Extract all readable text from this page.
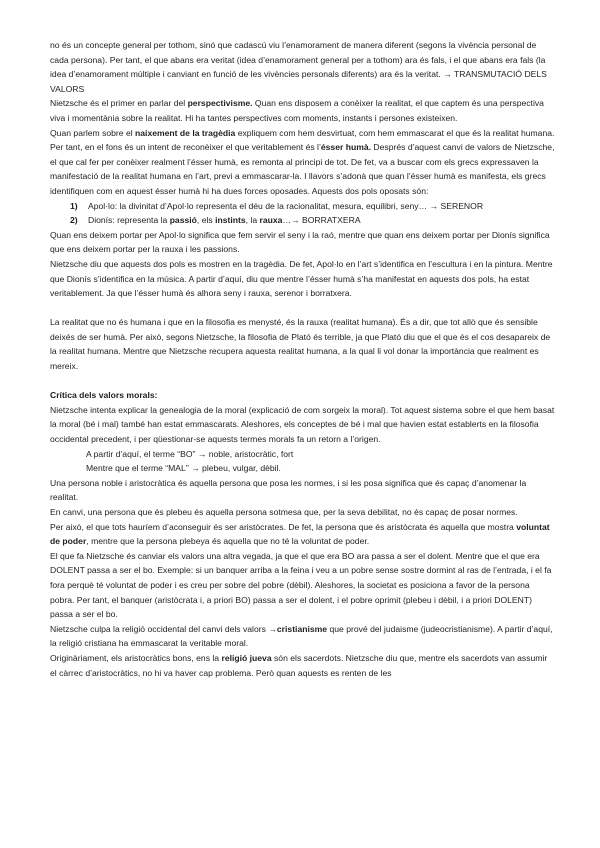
no és un concepte general per tothom, sinó que cadascú viu l’enamorament de manera diferent (segons la vivència personal de cada persona). Per tant, el que abans era veritat (idea d’enamorament general per a tothom) ara és fals, i el que abans era fals (la idea d’enamorament múltiple i canviant en funció de les vivències personals diferents) ara és la veritat. → TRANSMUTACIÓ DELS VALORS

Nietzsche és el primer en parlar del perspectivisme. Quan ens disposem a conèixer la realitat, el que captem és una perspectiva viva i momentània sobre la realitat. Hi ha tantes perspectives com moments, instants i persones existeixen.

Quan parlem sobre el naixement de la tragèdia expliquem com hem desvirtuat, com hem emmascarat el que és la realitat humana. Per tant, en el fons és un intent de reconèixer el que veritablement és l’ésser humà. Després d’aquest canvi de valors de Nietzsche, el que cal fer per conèixer realment l’ésser humà, es remonta al principi de tot. De fet, va a buscar com els grecs expressaven la manifestació de la realitat humana en l’art, previ a emmascarar-la. I llavors s’adonà que quan l’ésser humà es manifesta, els grecs identifiquen com en aquest ésser humà hi ha dues forces oposades. Aquests dos pols oposats són:

1)	Apol·lo: la divinitat d’Apol·lo representa el déu de la racionalitat, mesura, equilibri, seny… → SERENOR
2)	Dionís: representa la passió, els instints, la rauxa…→ BORRATXERA

Quan ens deixem portar per Apol·lo significa que fem servir el seny i la raó, mentre que quan ens deixem portar per Dionís significa que ens deixem portar per la rauxa i les passions.

Nietzsche diu que aquests dos pols es mostren en la tragèdia. De fet, Apol·lo en l’art s’identifica en l’escultura i en la pintura. Mentre que Dionís s’identifica en la música. A partir d’aquí, diu que mentre l’ésser humà s’ha manifestat en aquests dos pols, ha estat veritablement. Ja que l’ésser humà és alhora seny i rauxa, serenor i borratxera.

La realitat que no és humana i que en la filosofia es menysté, és la rauxa (realitat humana). És a dir, que tot allò que és sensible deixés de ser humà. Per això, segons Nietzsche, la filosofia de Plató és terrible, ja que Plató diu que el que és el cos desapareix de la realitat humana. Mentre que Nietzsche recupera aquesta realitat humana, a la qual li vol donar la importància que realment es mereix.

Crítica dels valors morals:

Nietzsche intenta explicar la genealogia de la moral (explicació de com sorgeix la moral). Tot aquest sistema sobre el que hem basat la moral (bé i mal) també han estat emmascarats. Aleshores, els conceptes de bé i mal que havien estat establerts en la filosofia occidental precedent, i per qüestionar-se aquests termes morals fa un retorn a l’origen.

A partir d’aquí, el terme “BO” → noble, aristocràtic, fort

Mentre que el terme “MAL” → plebeu, vulgar, dèbil.

Una persona noble i aristocràtica és aquella persona que posa les normes, i si les posa significa que és capaç d’anomenar la realitat.

En canvi, una persona que és plebeu és aquella persona sotmesa que, per la seva debilitat, no és capaç de posar normes.

Per això, el que tots hauríem d’aconseguir és ser aristòcrates. De fet, la persona que és aristòcrata és aquella que mostra voluntat de poder, mentre que la persona plebeya és aquella que no té la voluntat de poder.

El que fa Nietzsche és canviar els valors una altra vegada, ja que el que era BO ara passa a ser el dolent. Mentre que el que era DOLENT passa a ser el bo. Exemple: si un banquer arriba a la feina i veu a un pobre sense sostre dormint al ras de l’entrada, i el fa fora perquè té voluntat de poder i es creu per sobre del pobre (dèbil). Aleshores, la societat es posiciona a favor de la persona pobra. Per tant, el banquer (aristòcrata i, a priori BO) passa a ser el dolent, i el pobre oprimit (plebeu i dèbil, i a priori DOLENT) passa a ser el bo.

Nietzsche culpa la religió occidental del canvi dels valors →cristianisme que prové del judaisme (judeocristianisme). A partir d’aquí, la religió cristiana ha emmascarat la veritable moral.

Originàriament, els aristocràtics bons, ens la religió jueva són els sacerdots. Nietzsche diu que, mentre els sacerdots van assumir el càrrec d’aristocràtics, no hi va haver cap problema. Però quan aquests es renten de les
